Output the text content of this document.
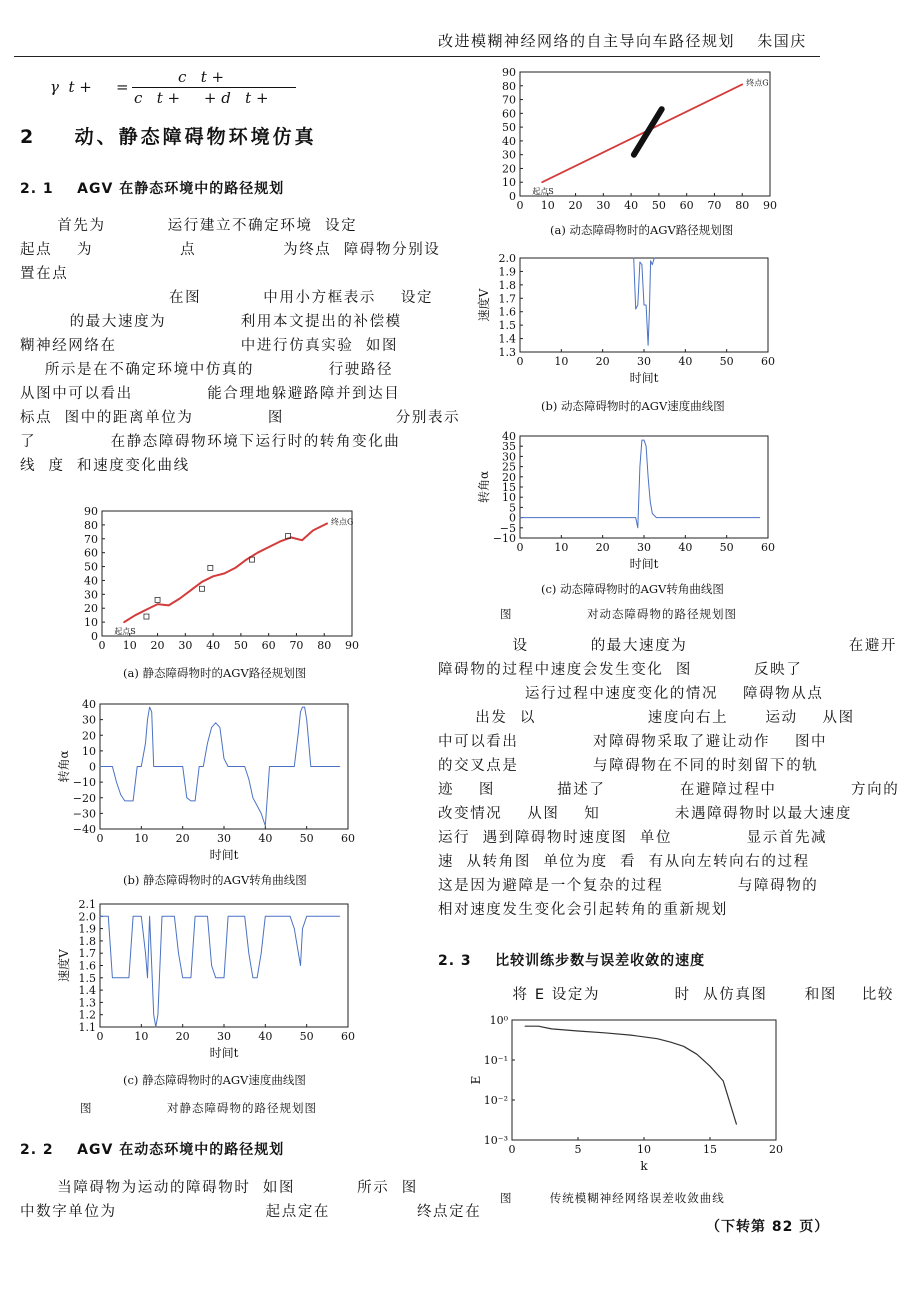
改进模糊神经网络的自主导向车路径规划 朱国庆
γ  t + =
c   t +
c   t +     + d   t +
2    动、静态障碍物环境仿真
2. 1    AGV 在静态环境中的路径规划
首先为          运行建立不确定环境  设定
起点    为              点              为终点  障碍物分别设
置在点
在图          中用小方框表示    设定
的最大速度为            利用本文提出的补偿模
糊神经网络在                    中进行仿真实验  如图
所示是在不确定环境中仿真的            行驶路径
从图中可以看出            能合理地躲避路障并到达目
标点  图中的距离单位为            图                  分别表示
了            在静态障碍物环境下运行时的转角变化曲
线  度  和速度变化曲线
0 10 20 30 40 50 60 70 80 90
0
10
20
30
40
50
60
70
80
90
起点S
终点G
(a) 静态障碍物时的AGV路径规划图
0	10 20 30 40 50 60
40
30
20
10
0
−10
−20
−30
−40
时间t
转角α
(b) 静态障碍物时的AGV转角曲线图
0	10 20 30 40 50 60
2.1
2.0
1.9
1.8
1.7
1.6
1.5
1.4
1.3
1.2
1.1
时间t
速度V
(c) 静态障碍物时的AGV速度曲线图
图                对静态障碍物的路径规划图
2. 2    AGV 在动态环境中的路径规划
当障碍物为运动的障碍物时  如图          所示  图
中数字单位为                        起点定在              终点定在
0 10 20 30 40 50 60 70 80 90
0
10
20
30
40
50
60
70
80
90
起点S
终点G
(a) 动态障碍物时的AGV路径规划图
0	10 20 30 40 50 60
2.0
1.9
1.8
1.7
1.6
1.5
1.4
1.3
时间t
速度V
(b) 动态障碍物时的AGV速度曲线图
0	10 20 30 40 50 60
40
35
30
25
20
15
10
5
0
−5
−10
时间t
转角α
(c) 动态障碍物时的AGV转角曲线图
图                对动态障碍物的路径规划图
设          的最大速度为                          在避开
障碍物的过程中速度会发生变化  图          反映了
运行过程中速度变化的情况    障碍物从点
出发  以                  速度向右上      运动    从图
中可以看出            对障碍物采取了避让动作    图中
的交叉点是            与障碍物在不同的时刻留下的轨
迹    图          描述了            在避障过程中            方向的
改变情况    从图    知            未遇障碍物时以最大速度
运行  遇到障碍物时速度图  单位            显示首先减
速  从转角图  单位为度  看  有从向左转向右的过程
这是因为避障是一个复杂的过程            与障碍物的
相对速度发生变化会引起转角的重新规划
2. 3    比较训练步数与误差收敛的速度
将 E 设定为            时  从仿真图      和图    比较
0	5	10	15	20
10⁰
10⁻¹
10⁻²
10⁻³
k
E
图        传统模糊神经网络误差收敛曲线
（下转第 82 页）
